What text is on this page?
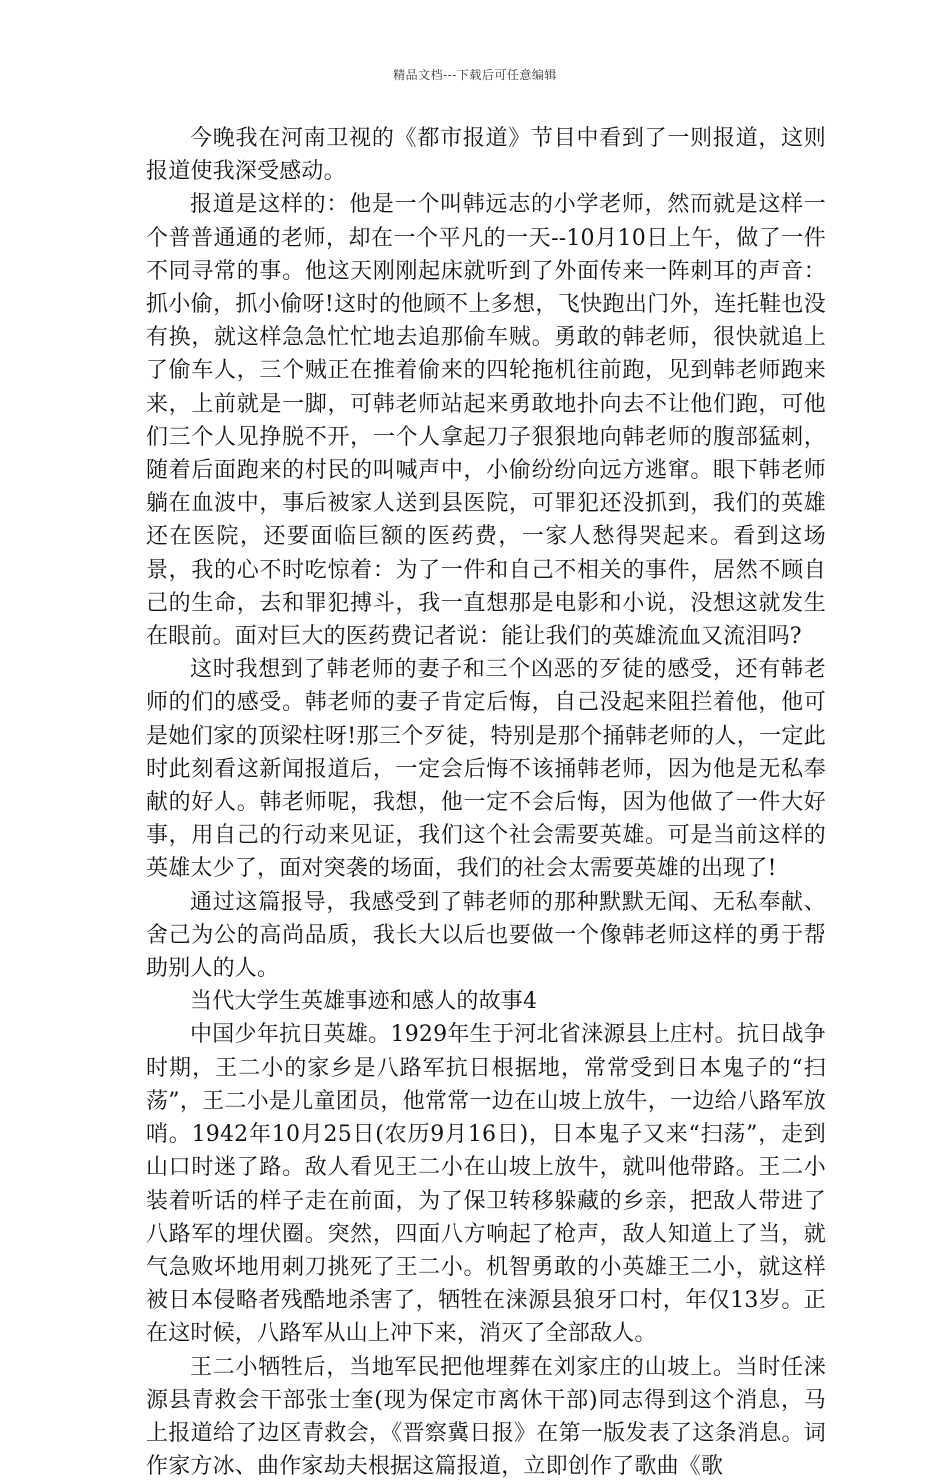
精品文档---下载后可任意编辑

今晚我在河南卫视的《都市报道》节目中看到了一则报道，这则报道使我深受感动。

报道是这样的：他是一个叫韩远志的小学老师，然而就是这样一个普普通通的老师，却在一个平凡的一天--10月10日上午，做了一件不同寻常的事。他这天刚刚起床就听到了外面传来一阵刺耳的声音：抓小偷，抓小偷呀!这时的他顾不上多想，飞快跑出门外，连托鞋也没有换，就这样急急忙忙地去追那偷车贼。勇敢的韩老师，很快就追上了偷车人，三个贼正在推着偷来的四轮拖机往前跑，见到韩老师跑来来，上前就是一脚，可韩老师站起来勇敢地扑向去不让他们跑，可他们三个人见挣脱不开，一个人拿起刀子狠狠地向韩老师的腹部猛刺，随着后面跑来的村民的叫喊声中，小偷纷纷向远方逃窜。眼下韩老师躺在血波中，事后被家人送到县医院，可罪犯还没抓到，我们的英雄还在医院，还要面临巨额的医药费，一家人愁得哭起来。看到这场景，我的心不时吃惊着：为了一件和自己不相关的事件，居然不顾自己的生命，去和罪犯搏斗，我一直想那是电影和小说，没想这就发生在眼前。面对巨大的医药费记者说：能让我们的英雄流血又流泪吗?

这时我想到了韩老师的妻子和三个凶恶的歹徒的感受，还有韩老师的们的感受。韩老师的妻子肯定后悔，自己没起来阻拦着他，他可是她们家的顶梁柱呀!那三个歹徒，特别是那个捅韩老师的人，一定此时此刻看这新闻报道后，一定会后悔不该捅韩老师，因为他是无私奉献的好人。韩老师呢，我想，他一定不会后悔，因为他做了一件大好事，用自己的行动来见证，我们这个社会需要英雄。可是当前这样的英雄太少了，面对突袭的场面，我们的社会太需要英雄的出现了!

通过这篇报导，我感受到了韩老师的那种默默无闻、无私奉献、舍己为公的高尚品质，我长大以后也要做一个像韩老师这样的勇于帮助别人的人。

当代大学生英雄事迹和感人的故事4

中国少年抗日英雄。1929年生于河北省涞源县上庄村。抗日战争时期，王二小的家乡是八路军抗日根据地，常常受到日本鬼子的“扫荡”，王二小是儿童团员，他常常一边在山坡上放牛，一边给八路军放哨。1942年10月25日(农历9月16日)，日本鬼子又来“扫荡”，走到山口时迷了路。敌人看见王二小在山坡上放牛，就叫他带路。王二小装着听话的样子走在前面，为了保卫转移躲藏的乡亲，把敌人带进了八路军的埋伏圈。突然，四面八方响起了枪声，敌人知道上了当，就气急败坏地用刺刀挑死了王二小。机智勇敢的小英雄王二小，就这样被日本侵略者残酷地杀害了，牺牲在涞源县狼牙口村，年仅13岁。正在这时候，八路军从山上冲下来，消灭了全部敌人。

王二小牺牲后，当地军民把他埋葬在刘家庄的山坡上。当时任涞源县青救会干部张士奎(现为保定市离休干部)同志得到这个消息，马上报道给了边区青救会，《晋察冀日报》在第一版发表了这条消息。词作家方冰、曲作家劫夫根据这篇报道，立即创作了歌曲《歌
